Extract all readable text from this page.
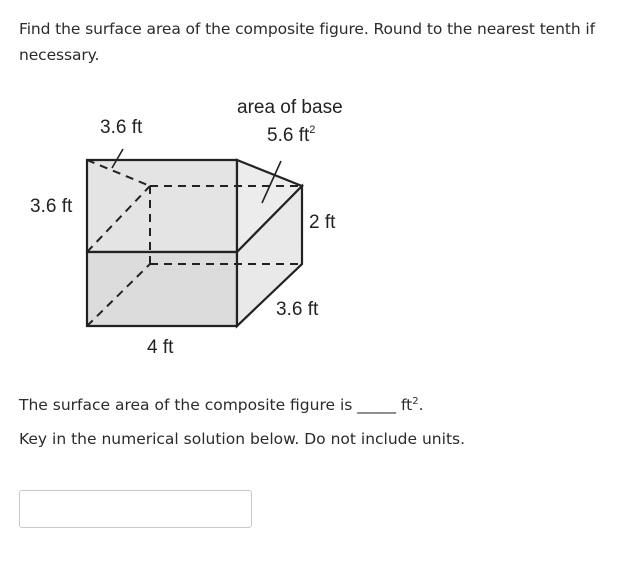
Find the surface area of the composite figure. Round to the nearest tenth if necessary.
3.6 ft
area of base
5.6 $ft^2$
3.6 ft
2 ft
3.6 ft
4 ft
The surface area of the composite figure is _____ $ft^2$.
Key in the numerical solution below. Do not include units.
